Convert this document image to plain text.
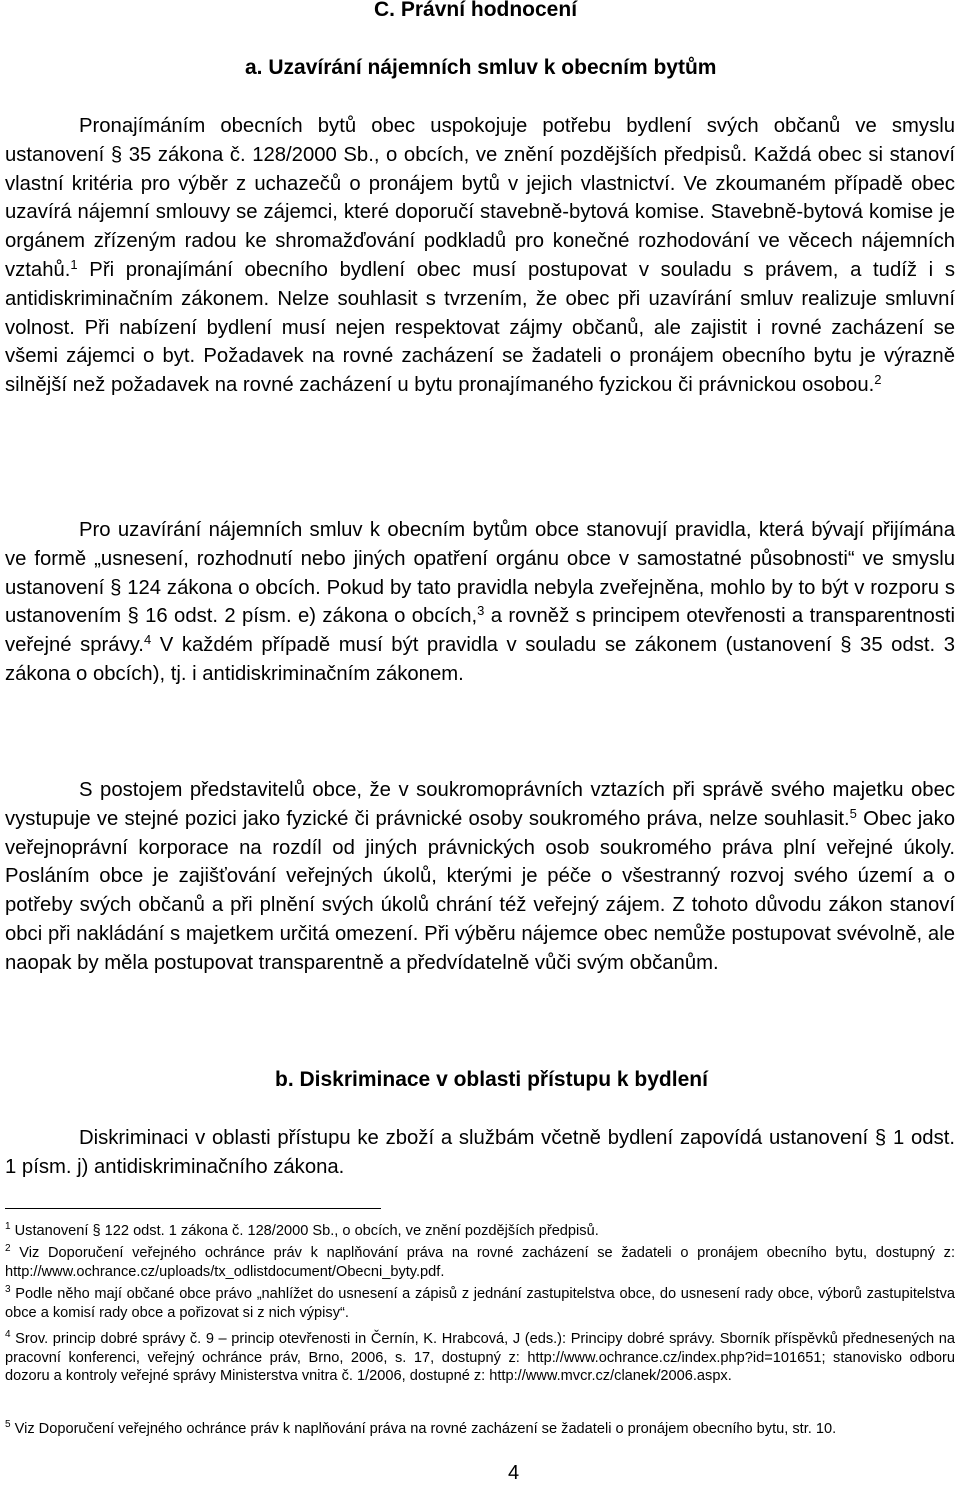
C. Právní hodnocení
a. Uzavírání nájemních smluv k obecním bytům

Pronajímáním obecních bytů obec uspokojuje potřebu bydlení svých občanů ve smyslu ustanovení § 35 zákona č. 128/2000 Sb., o obcích, ve znění pozdějších předpisů. Každá obec si stanoví vlastní kritéria pro výběr z uchazečů o pronájem bytů v jejich vlastnictví. Ve zkoumaném případě obec uzavírá nájemní smlouvy se zájemci, které doporučí stavebně-bytová komise. Stavebně-bytová komise je orgánem zřízeným radou ke shromažďování podkladů pro konečné rozhodování ve věcech nájemních vztahů.$^1$ Při pronajímání obecního bydlení obec musí postupovat v souladu s právem, a tudíž i s antidiskriminačním zákonem. Nelze souhlasit s tvrzením, že obec při uzavírání smluv realizuje smluvní volnost. Při nabízení bydlení musí nejen respektovat zájmy občanů, ale zajistit i rovné zacházení se všemi zájemci o byt. Požadavek na rovné zacházení se žadateli o pronájem obecního bytu je výrazně silnější než požadavek na rovné zacházení u bytu pronajímaného fyzickou či právnickou osobou.$^2$

Pro uzavírání nájemních smluv k obecním bytům obce stanovují pravidla, která bývají přijímána ve formě „usnesení, rozhodnutí nebo jiných opatření orgánu obce v samostatné působnosti“ ve smyslu ustanovení § 124 zákona o obcích. Pokud by tato pravidla nebyla zveřejněna, mohlo by to být v rozporu s ustanovením § 16 odst. 2 písm. e) zákona o obcích,$^3$ a rovněž s principem otevřenosti a transparentnosti veřejné správy.$^4$ V každém případě musí být pravidla v souladu se zákonem (ustanovení § 35 odst. 3 zákona o obcích), tj. i antidiskriminačním zákonem.

S postojem představitelů obce, že v soukromoprávních vztazích při správě svého majetku obec vystupuje ve stejné pozici jako fyzické či právnické osoby soukromého práva, nelze souhlasit.$^5$ Obec jako veřejnoprávní korporace na rozdíl od jiných právnických osob soukromého práva plní veřejné úkoly. Posláním obce je zajišťování veřejných úkolů, kterými je péče o všestranný rozvoj svého území a o potřeby svých občanů a při plnění svých úkolů chrání též veřejný zájem. Z tohoto důvodu zákon stanoví obci při nakládání s majetkem určitá omezení. Při výběru nájemce obec nemůže postupovat svévolně, ale naopak by měla postupovat transparentně a předvídatelně vůči svým občanům.

b. Diskriminace v oblasti přístupu k bydlení

Diskriminaci v oblasti přístupu ke zboží a službám včetně bydlení zapovídá ustanovení § 1 odst. 1 písm. j) antidiskriminačního zákona.

$^1$ Ustanovení § 122 odst. 1 zákona č. 128/2000 Sb., o obcích, ve znění pozdějších předpisů.
$^2$ Viz Doporučení veřejného ochránce práv k naplňování práva na rovné zacházení se žadateli o pronájem obecního bytu, dostupný z: http://www.ochrance.cz/uploads/tx_odlistdocument/Obecni_byty.pdf.
$^3$ Podle něho mají občané obce právo „nahlížet do usnesení a zápisů z jednání zastupitelstva obce, do usnesení rady obce, výborů zastupitelstva obce a komisí rady obce a pořizovat si z nich výpisy“.
$^4$ Srov. princip dobré správy č. 9 – princip otevřenosti in Černín, K. Hrabcová, J (eds.): Principy dobré správy. Sborník příspěvků přednesených na pracovní konferenci, veřejný ochránce práv, Brno, 2006, s. 17, dostupný z: http://www.ochrance.cz/index.php?id=101651; stanovisko odboru dozoru a kontroly veřejné správy Ministerstva vnitra č. 1/2006, dostupné z: http://www.mvcr.cz/clanek/2006.aspx.
$^5$ Viz Doporučení veřejného ochránce práv k naplňování práva na rovné zacházení se žadateli o pronájem obecního bytu, str. 10.
4
